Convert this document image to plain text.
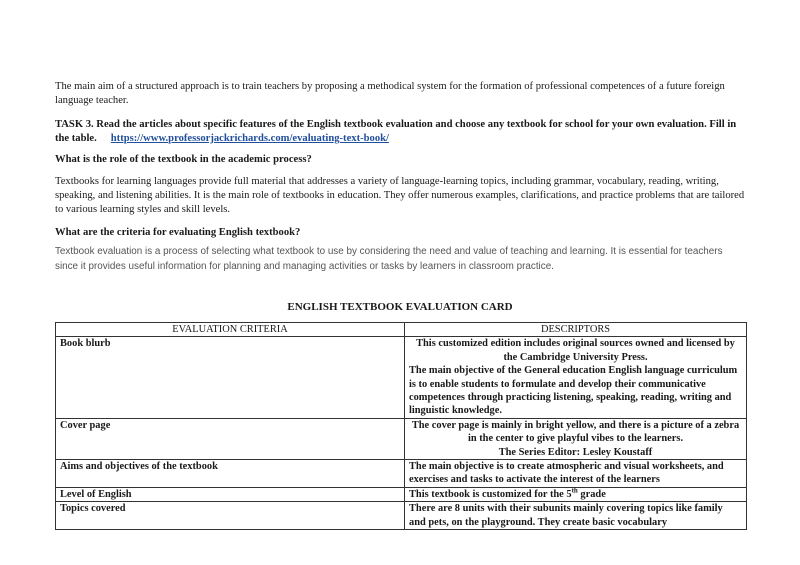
The main aim of a structured approach is to train teachers by proposing a methodical system for the formation of professional competences of a future foreign language teacher.

TASK 3. Read the articles about specific features of the English textbook evaluation and choose any textbook for school for your own evaluation. Fill in the table. https://www.professorjackrichards.com/evaluating-text-book/

What is the role of the textbook in the academic process?

Textbooks for learning languages provide full material that addresses a variety of language-learning topics, including grammar, vocabulary, reading, writing, speaking, and listening abilities. It is the main role of textbooks in education. They offer numerous examples, clarifications, and practice problems that are tailored to various learning styles and skill levels.

What are the criteria for evaluating English textbook?

Textbook evaluation is a process of selecting what textbook to use by considering the need and value of teaching and learning. It is essential for teachers since it provides useful information for planning and managing activities or tasks by learners in classroom practice.

ENGLISH TEXTBOOK EVALUATION CARD
EVALUATION CRITERIA	DESCRIPTORS
Book blurb	This customized edition includes original sources owned and licensed by the Cambridge University Press.
The main objective of the General education English language curriculum is to enable students to formulate and develop their communicative competences through practicing listening, speaking, reading, writing and linguistic knowledge.

Cover page	The cover page is mainly in bright yellow, and there is a picture of a zebra in the center to give playful vibes to the learners.
The Series Editor: Lesley Koustaff

Aims and objectives of the textbook	The main objective is to create atmospheric and visual worksheets, and exercises and tasks to activate the interest of the learners

Level of English	This textbook is customized for the 5th grade
Topics covered	There are 8 units with their subunits mainly covering topics like family and pets, on the playground. They create basic vocabulary
